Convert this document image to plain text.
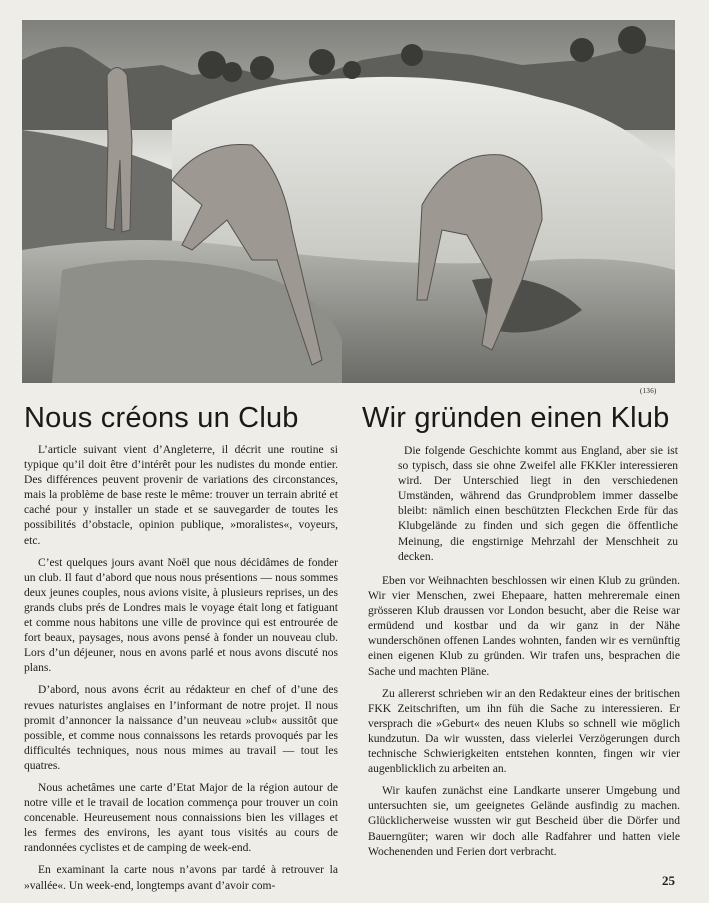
(136)
Nous créons un Club Wir gründen einen Klub

L’article suivant vient d’Angleterre, il décrit une routine si typique qu’il doit être d’intérêt pour les nudistes du monde entier. Des différences peuvent provenir de variations des circonstances, mais la problème de base reste le même: trouver un terrain abrité et caché pour y installer un stade et se sauvegarder de toutes les possibilités d’obstacle, opinion publique, »moralistes«, voyeurs, etc.

C’est quelques jours avant Noël que nous décidâmes de fonder un club. Il faut d’abord que nous nous présentions — nous sommes deux jeunes couples, nous avions visite, à plusieurs reprises, un des grands clubs prés de Londres mais le voyage était long et fatiguant et comme nous habitons une ville de province qui est entrourée de fort beaux, paysages, nous avons pensé à fonder un nouveau club. Lors d’un déjeuner, nous en avons parlé et nous avons discuté nos plans.

D’abord, nous avons écrit au rédakteur en chef of d’une des revues naturistes anglaises en l’informant de notre projet. Il nous promit d’annoncer la naissance d’un neuveau »club« aussitôt que possible, et comme nous connaissons les retards provoqués par les difficultés techniques, nous nous mimes au travail — tout les quatres.

Nous achetâmes une carte d’Etat Major de la région autour de notre ville et le travail de location commença pour trouver un coin concenable. Heureusement nous connaissions bien les villages et les fermes des environs, les ayant tous visités au cours de randonnées cyclistes et de camping de week-end.

En examinant la carte nous n’avons par tardé à retrouver la »vallée«. Un week-end, longtemps avant d’avoir com-

Die folgende Geschichte kommt aus England, aber sie ist so typisch, dass sie ohne Zweifel alle FKKler interessieren wird. Der Unterschied liegt in den verschiedenen Umständen, während das Grundproblem immer dasselbe bleibt: nämlich einen beschützten Fleckchen Erde für das Klubgelände zu finden und sich gegen die öffentliche Meinung, die engstirnige Mehrzahl der Menschheit zu decken.

Eben vor Weihnachten beschlossen wir einen Klub zu gründen. Wir vier Menschen, zwei Ehepaare, hatten mehreremale einen grösseren Klub draussen vor London besucht, aber die Reise war ermüdend und kostbar und da wir ganz in der Nähe wunderschönen offenen Landes wohnten, fanden wir es vernünftig einen eigenen Klub zu gründen. Wir trafen uns, besprachen die Sache und machten Pläne.

Zu allererst schrieben wir an den Redakteur eines der britischen FKK Zeitschriften, um ihn füh die Sache zu interessieren. Er versprach die »Geburt« des neuen Klubs so schnell wie möglich kundzutun. Da wir wussten, dass vielerlei Verzögerungen durch technische Schwierigkeiten entstehen konnten, fingen wir vier augenblicklich zu arbeiten an.

Wir kaufen zunächst eine Landkarte unserer Umgebung und untersuchten sie, um geeignetes Gelände ausfindig zu machen. Glücklicherweise wussten wir gut Bescheid über die Dörfer und Bauerngüter; waren wir doch alle Radfahrer und hatten viele Wochenenden und Ferien dort verbracht.

25
